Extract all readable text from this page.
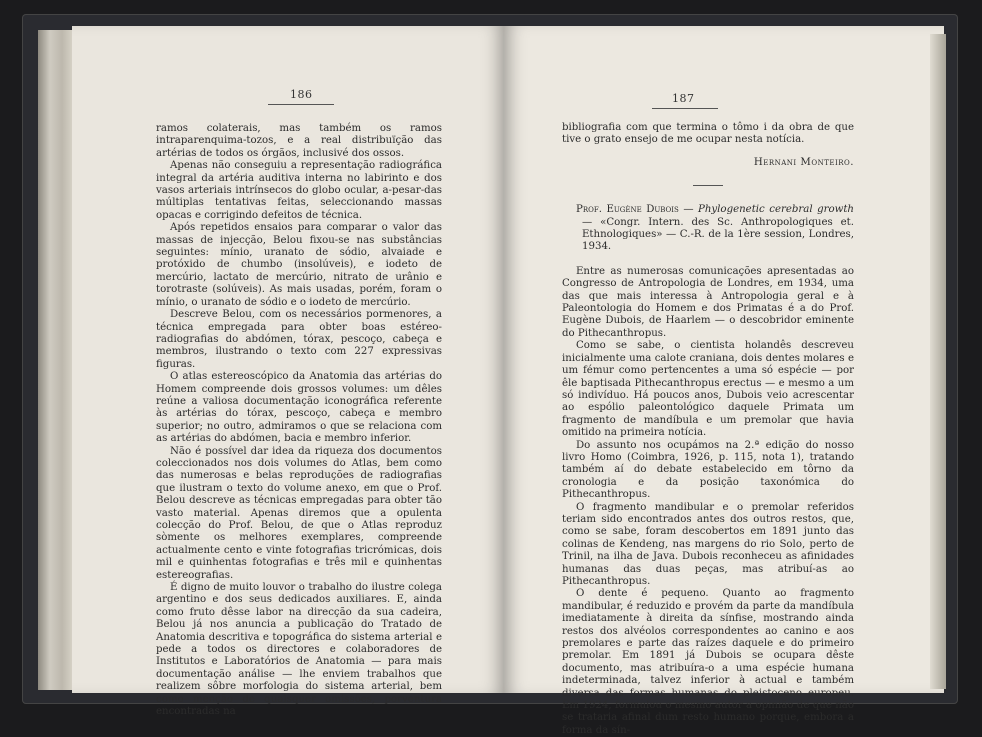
186

ramos colaterais, mas também os ramos intraparenquima-tozos, e a real distribuïção das artérias de todos os órgãos, inclusivé dos ossos.

Apenas não conseguiu a representação radiográfica integral da artéria auditiva interna no labirinto e dos vasos arteriais intrínsecos do globo ocular, a-pesar-das múltiplas tentativas feitas, seleccionando massas opacas e corrigindo defeitos de técnica.

Após repetidos ensaios para comparar o valor das massas de injecção, Belou fixou-se nas substâncias seguintes: mínio, uranato de sódio, alvaiade e protóxido de chumbo (insolúveis), e iodeto de mercúrio, lactato de mercúrio, nitrato de urânio e torotraste (solúveis). As mais usadas, porém, foram o mínio, o uranato de sódio e o iodeto de mercúrio.

Descreve Belou, com os necessários pormenores, a técnica empregada para obter boas estéreo-radiografias do abdómen, tórax, pescoço, cabeça e membros, ilustrando o texto com 227 expressivas figuras.

O atlas estereoscópico da Anatomia das artérias do Homem compreende dois grossos volumes: um dêles reúne a valiosa documentação iconográfica referente às artérias do tórax, pescoço, cabeça e membro superior; no outro, admiramos o que se relaciona com as artérias do abdómen, bacia e membro inferior.

Não é possível dar idea da riqueza dos documentos coleccionados nos dois volumes do Atlas, bem como das numerosas e belas reproduções de radiografias que ilustram o texto do volume anexo, em que o Prof. Belou descreve as técnicas empregadas para obter tão vasto material. Apenas diremos que a opulenta colecção do Prof. Belou, de que o Atlas reproduz sòmente os melhores exemplares, compreende actualmente cento e vinte fotografias tricrómicas, dois mil e quinhentas fotografias e três mil e quinhentas estereografias.

É digno de muito louvor o trabalho do ilustre colega argentino e dos seus dedicados auxiliares. E, ainda como fruto dêsse labor na direcção da sua cadeira, Belou já nos anuncia a publicação do Tratado de Anatomia descritiva e topográfica do sistema arterial e pede a todos os directores e colaboradores de Institutos e Laboratórios de Anatomia — para mais documentação análise — lhe enviem trabalhos que realizem sôbre morfologia do sistema arterial, bem como menção de quaisquer omissões, porventura encontradas na

187

bibliografia com que termina o tômo i da obra de que tive o grato ensejo de me ocupar nesta notícia.

Hernani Monteiro.

Prof. Eugène Dubois — Phylogenetic cerebral growth — «Congr. Intern. des Sc. Anthropologiques et. Ethnologiques» — C.-R. de la 1ère session, Londres, 1934.

Entre as numerosas comunicações apresentadas ao Congresso de Antropologia de Londres, em 1934, uma das que mais interessa à Antropologia geral e à Paleontologia do Homem e dos Primatas é a do Prof. Eugène Dubois, de Haarlem — o descobridor eminente do Pithecanthropus.

Como se sabe, o cientista holandês descreveu inicialmente uma calote craniana, dois dentes molares e um fémur como pertencentes a uma só espécie — por êle baptisada Pithecanthropus erectus — e mesmo a um só indivíduo. Há poucos anos, Dubois veio acrescentar ao espólio paleontológico daquele Primata um fragmento de mandíbula e um premolar que havia omitido na primeira notícia.

Do assunto nos ocupámos na 2.ª edição do nosso livro Homo (Coimbra, 1926, p. 115, nota 1), tratando também aí do debate estabelecido em tôrno da cronologia e da posição taxonómica do Pithecanthropus.

O fragmento mandibular e o premolar referidos teriam sido encontrados antes dos outros restos, que, como se sabe, foram descobertos em 1891 junto das colinas de Kendeng, nas margens do rio Solo, perto de Trinil, na ilha de Java. Dubois reconheceu as afinidades humanas das duas peças, mas atribuí-as ao Pithecanthropus.

O dente é pequeno. Quanto ao fragmento mandibular, é reduzido e provém da parte da mandíbula imediatamente à direita da sínfise, mostrando ainda restos dos alvéolos correspondentes ao canino e aos premolares e parte das raízes daquele e do primeiro premolar. Em 1891 já Dubois se ocupara dêste documento, mas atribuíra-o a uma espécie humana indeterminada, talvez inferior à actual e também diversa das formas humanas do pleistoceno europeu. Em 1924, formulou o mesmo autor a opinião de que não se trataria afinal dum resto humano porque, embora a forma da sín-
